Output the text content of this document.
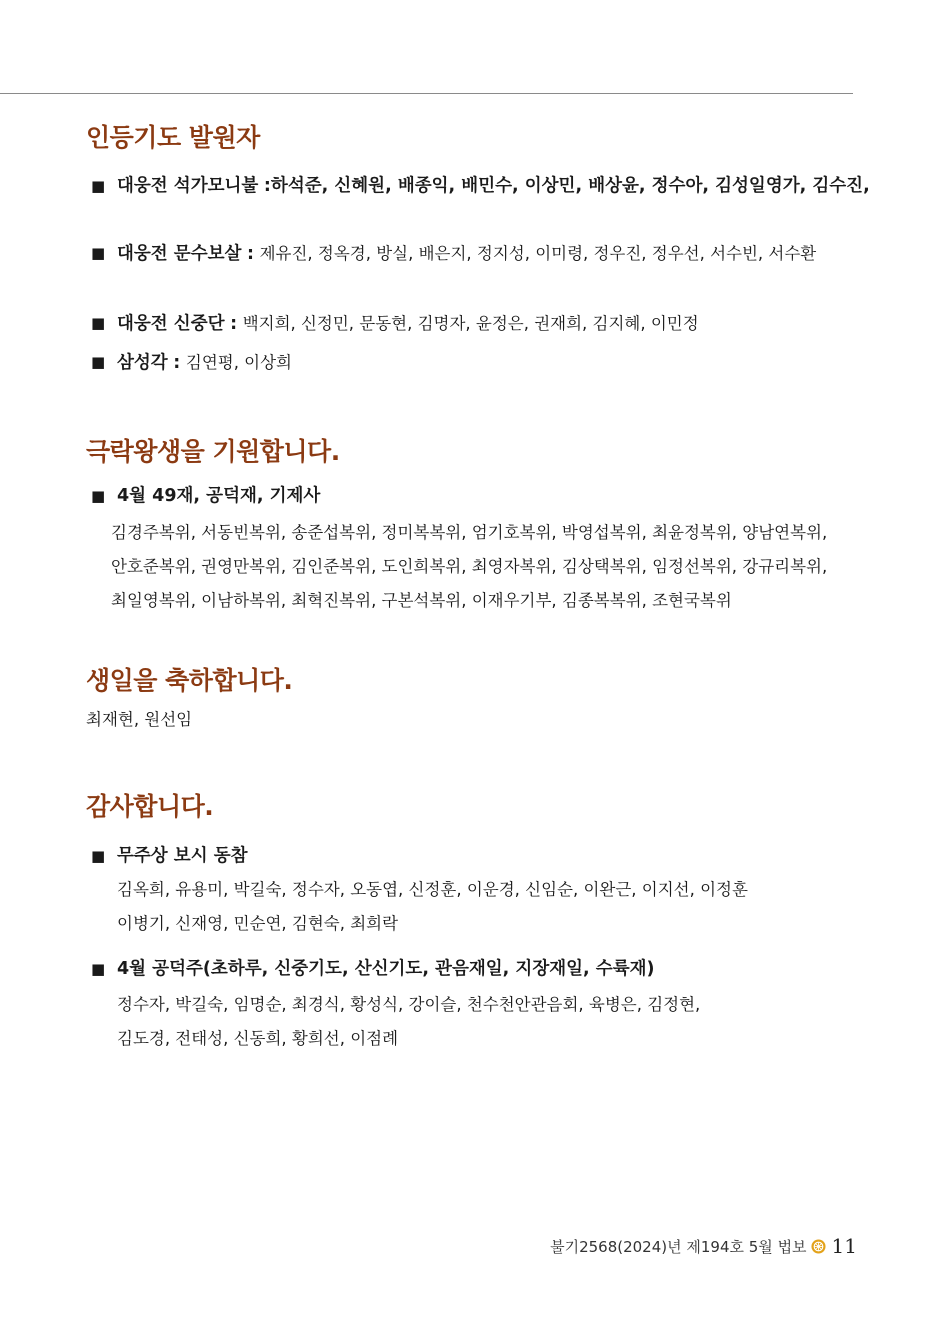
인등기도 발원자
■ 대웅전 석가모니불 :하석준, 신혜원, 배종익, 배민수, 이상민, 배상윤, 정수아, 김성일영가, 김수진,
■ 대웅전 문수보살 : 제유진, 정옥경, 방실, 배은지, 정지성, 이미령, 정우진, 정우선, 서수빈, 서수환
■ 대웅전 신중단 : 백지희, 신정민, 문동현, 김명자, 윤정은, 권재희, 김지혜, 이민정
■ 삼성각 : 김연평, 이상희
극락왕생을 기원합니다.
■ 4월 49재, 공덕재, 기제사
김경주복위, 서동빈복위, 송준섭복위, 정미복복위, 엄기호복위, 박영섭복위, 최윤정복위, 양남연복위,
안호준복위, 권영만복위, 김인준복위, 도인희복위, 최영자복위, 김상택복위, 임정선복위, 강규리복위,
최일영복위, 이남하복위, 최혁진복위, 구본석복위, 이재우기부, 김종복복위, 조현국복위
생일을 축하합니다.
최재현, 원선임
감사합니다.
■ 무주상 보시 동참
김옥희, 유용미, 박길숙, 정수자, 오동엽, 신정훈, 이운경, 신임순, 이완근, 이지선, 이정훈
이병기, 신재영, 민순연, 김현숙, 최희락
■ 4월 공덕주(초하루, 신중기도, 산신기도, 관음재일, 지장재일, 수륙재)
정수자, 박길숙, 임명순, 최경식, 황성식, 강이슬, 천수천안관음회, 육병은, 김정현,
김도경, 전태성, 신동희, 황희선, 이점례
불기2568(2024)년 제194호 5월 법보 11
